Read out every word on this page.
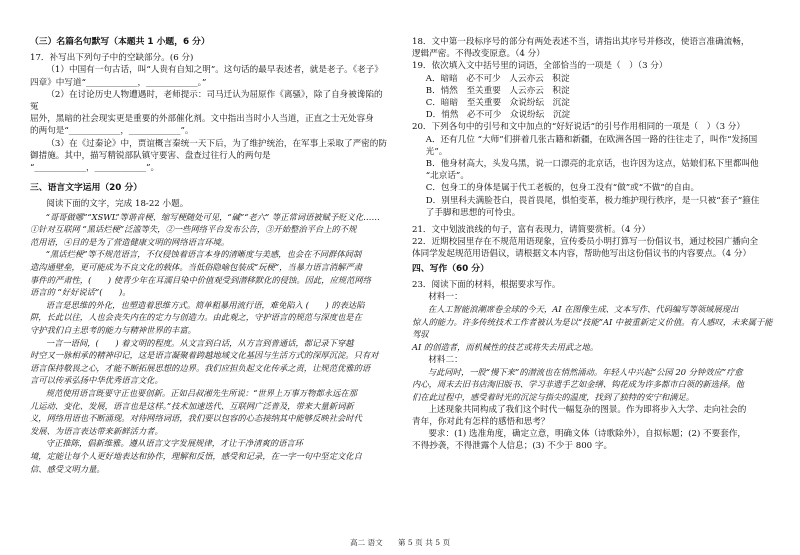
（三）名篇名句默写（本题共 1 小题，6 分）

17．补写出下列句子中的空缺部分。(6 分)

（1）中国有一句古话，叫“人贵有自知之明”。这句话的最早表述者，就是老子。《老子》

四章》中写道“____________，____________。”

（2）在讨论历史人物遭遇时，老师提示：司马迁认为屈原作《离骚》，除了自身被谗陷的冤

屈外，黑暗的社会现实更是重要的外部催化剂。文中指出当时小人当道，正直之士无处容身

的两句是“____________，____________”。

（3）在《过秦论》中，贾谊概言秦统一天下后，为了维护统治，在军事上采取了严密的防

御措施。其中，描写精锐部队镇守要害、盘查过往行人的两句是

“____________，____________”。

三、语言文字运用（20 分）

阅读下面的文字，完成 18-22 小题。

“哥哥做哪”“XSWL”等谐音梗、缩写梗随处可见，“碱”“老六” 等正常词语被赋予贬义化……

①针对互联网 “黑话烂梗”泛滥等失，②一些网络平台发布公告，③开始整治平台上的不规

范用语，④目的是为了营造健康文明的网络语言环境。

“黑话烂梗”等不规范语言，不仅侵蚀着语言本身的清晰度与美感，也会在不同群体间制

造沟通壁垒，更可能成为不良文化的载体。当低俗隐喻包装成“玩梗”，当暴力语言消解严肃

事件的严肃性，(　　) 使青少年在耳濡目染中价值观受到潜移默化的侵蚀。因此，应规范网络

语言的 “好好说话”(　　)。

语言是思维的外化，也塑造着思维方式。简单粗暴用流行语，难免陷入 (　　) 的表达陷

阱，长此以往，人也会丧失内在的定力与创造力。由此观之，守护语言的规范与深度也是在

守护我们自主思考的能力与精神世界的丰富。

一言一语间，(　　) 着文明的程度。从文言到白话，从方言到普通话，都记录下穿越

时空又一脉相承的精神印记，这是语言凝聚着跨越地域文化基因与生活方式的深厚沉淀。只有对

语言保持敬畏之心，才能不断拓展思想的边界。我们应担负起文化传承之责，让规范优雅的语

言可以传承弘扬中华优秀语言文化。

规范使用语言既要守正也要创新。正如吕叔湘先生所说：“世界上万事万物都永远在那

儿运动、变化、发展，语言也是这样。”技术加速迭代、互联网广泛普及，带来大量新词新

义，网络用语也不断涌现。对待网络词语，我们要以包容的心态接纳其中能够反映社会时代

发展、为语言表达带来新鲜活力者。

守正推陈，倡新维雅。遵从语言文字发展规律，才让干净清爽的语言环

境，定能让每个人更好地表达和协作，理解和反悟，感受和记录，在一字一句中坚定文化自

信、感受文明力量。

18．文中第一段标序号的部分有两处表述不当，请指出其序号并修改，使语言准确流畅，

逻辑严密。不得改变原意。（4 分）

19．依次填入文中括号里的词语，全部恰当的一项是（　）（3 分）

A．暗暗　必不可少　人云亦云　积淀

B．悄然　至关重要　人云亦云　积淀

C．暗暗　至关重要　众说纷纭　沉淀

D．悄然　必不可少　众说纷纭　沉淀

20．下列各句中的引号和文中加点的“好好说话”的引号作用相同的一项是（　）（3 分）

A．还有几位 “大师”们拼着几张古籍和新疆，在欧洲各国一路的往往走了，叫作“发扬国光”。

B．他身材高大，头发乌黑，说一口漂亮的北京话，也许因为这点，姑娘们私下里都叫他

“北京话”。

C．包身工的身体是属于代工老板的，包身工没有“做”或“不做”的自由。

D．别里科夫满脸苍白，畏首畏尾，惧怕变革，极力维护现行秩序，是一只被“套子”箍住

了手脚和思想的可怜虫。

21．文中划波浪线的句子，富有表现力，请简要赏析。（4 分）

22．近期校园里存在不规范用语现象，宣传委员小明打算写一份倡议书，通过校园广播向全

体同学发起规范用语倡议，请根据文本内容，帮助他写出这份倡议书的内容要点。（4 分）

四、写作（60 分）

23．阅读下面的材料，根据要求写作。

材料一：

在人工智能浪潮席卷全球的今天，AI 在图像生成、文本写作、代码编写等领域展现出

惊人的能力。许多传统技术工作者被认为是以“技能”AI 中被重新定义价值。有人感叹，未来属于能驾驭

AI 的创造者，而机械性的技艺或将失去用武之地。

材料二：

与此同时，一股“慢下来”的潜流也在悄然涌动。年轻人中兴起“公园 20 分钟效应”疗愈

内心，周末去旧书店淘旧版书、学习非遗手艺如金缮、钩花成为许多都市白领的新选择。他

们在此过程中，感受着时光的沉淀与指尖的温度，找到了独特的安宁和满足。

上述现象共同构成了我们这个时代一幅复杂的图景。作为即将步入大学、走向社会的

青年，你对此有怎样的感悟和思考？

要求：(1) 选准角度，确定立意，明确文体（诗歌除外），自拟标题；(2) 不要套作，

不得抄袭，不得泄露个人信息；(3) 不少于 800 字。

高二 语文　　第 5 页 共 5 页
